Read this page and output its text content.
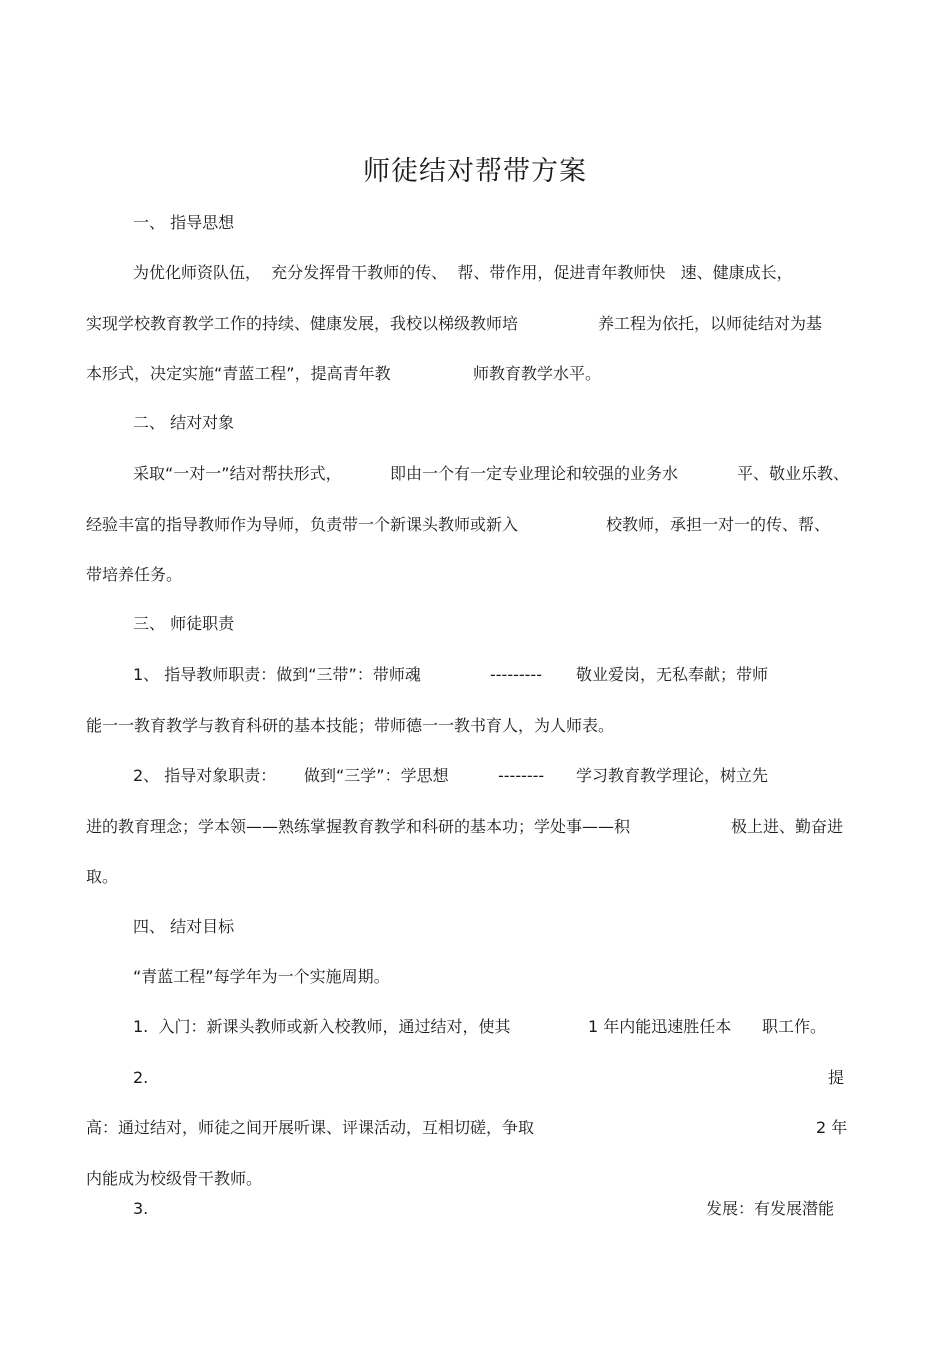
师徒结对帮带方案
一、 指导思想
为优化师资队伍，  充分发挥骨干教师的传、  帮、带作用，促进青年教师快   速、健康成长，
实现学校教育教学工作的持续、健康发展，我校以梯级教师培	养工程为依托，以师徒结对为基
本形式，决定实施“青蓝工程”，提高青年教	师教育教学水平。
二、 结对对象
采取“一对一”结对帮扶形式，	即由一个有一定专业理论和较强的业务水	平、敬业乐教、
经验丰富的指导教师作为导师，负责带一个新课头教师或新入	校教师，承担一对一的传、帮、
带培养任务。
三、 师徒职责
1、 指导教师职责：做到“三带”：带师魂	--------- 敬业爱岗，无私奉献；带师
能一一教育教学与教育科研的基本技能；带师德一一教书育人，为人师表。
2、 指导对象职责： 做到“三学”：学思想	-------- 学习教育教学理论，树立先
进的教育理念；学本领——熟练掌握教育教学和科研的基本功；学处事——积	极上进、勤奋进
取。
四、 结对目标
“青蓝工程”每学年为一个实施周期。
1.  入门：新课头教师或新入校教师，通过结对，使其	1 年内能迅速胜任本 职工作。
2.	提
高：通过结对，师徒之间开展听课、评课活动，互相切磋，争取	2 年
内能成为校级骨干教师。
3.	发展：有发展潜能
